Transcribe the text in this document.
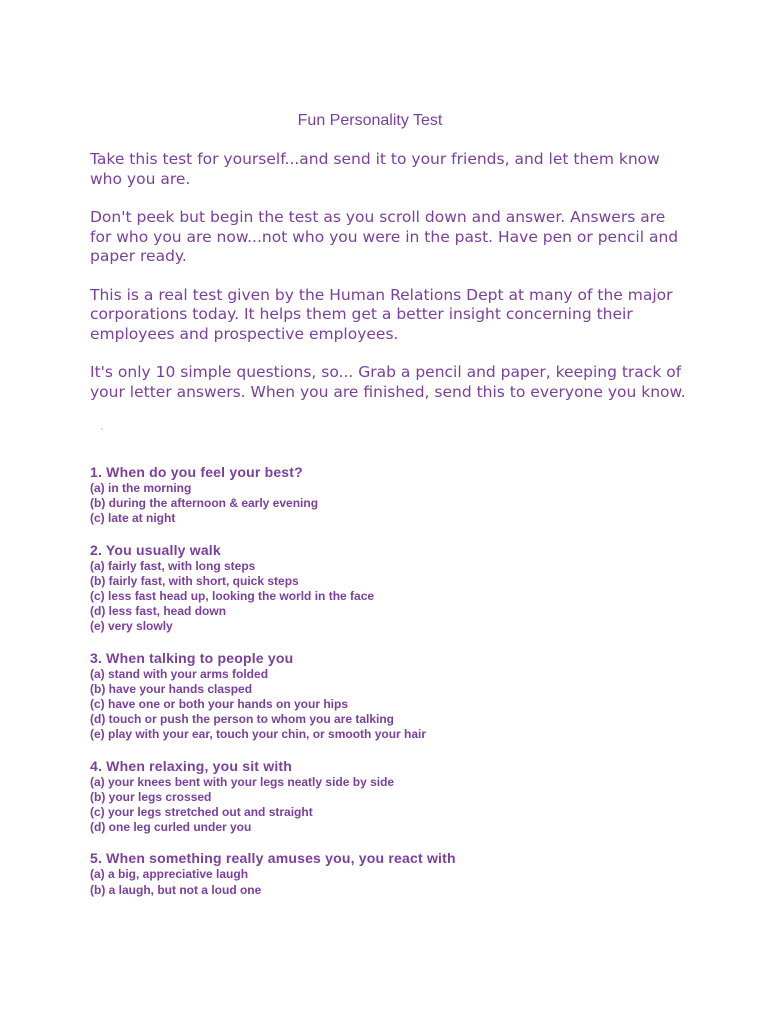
Fun Personality Test

Take this test for yourself...and send it to your friends, and let them know who you are.

Don't peek but begin the test as you scroll down and answer. Answers are for who you are now...not who you were in the past. Have pen or pencil and paper ready.

This is a real test given by the Human Relations Dept at many of the major corporations today. It helps them get a better insight concerning their employees and prospective employees.

It's only 10 simple questions, so... Grab a pencil and paper, keeping track of your letter answers. When you are finished, send this to everyone you know.

1. When do you feel your best?
(a) in the morning
(b) during the afternoon & early evening
(c) late at night
2. You usually walk
(a) fairly fast, with long steps
(b) fairly fast, with short, quick steps
(c) less fast head up, looking the world in the face
(d) less fast, head down
(e) very slowly
3. When talking to people you
(a) stand with your arms folded
(b) have your hands clasped
(c) have one or both your hands on your hips
(d) touch or push the person to whom you are talking
(e) play with your ear, touch your chin, or smooth your hair
4. When relaxing, you sit with
(a) your knees bent with your legs neatly side by side
(b) your legs crossed
(c) your legs stretched out and straight
(d) one leg curled under you
5. When something really amuses you, you react with
(a) a big, appreciative laugh
(b) a laugh, but not a loud one
